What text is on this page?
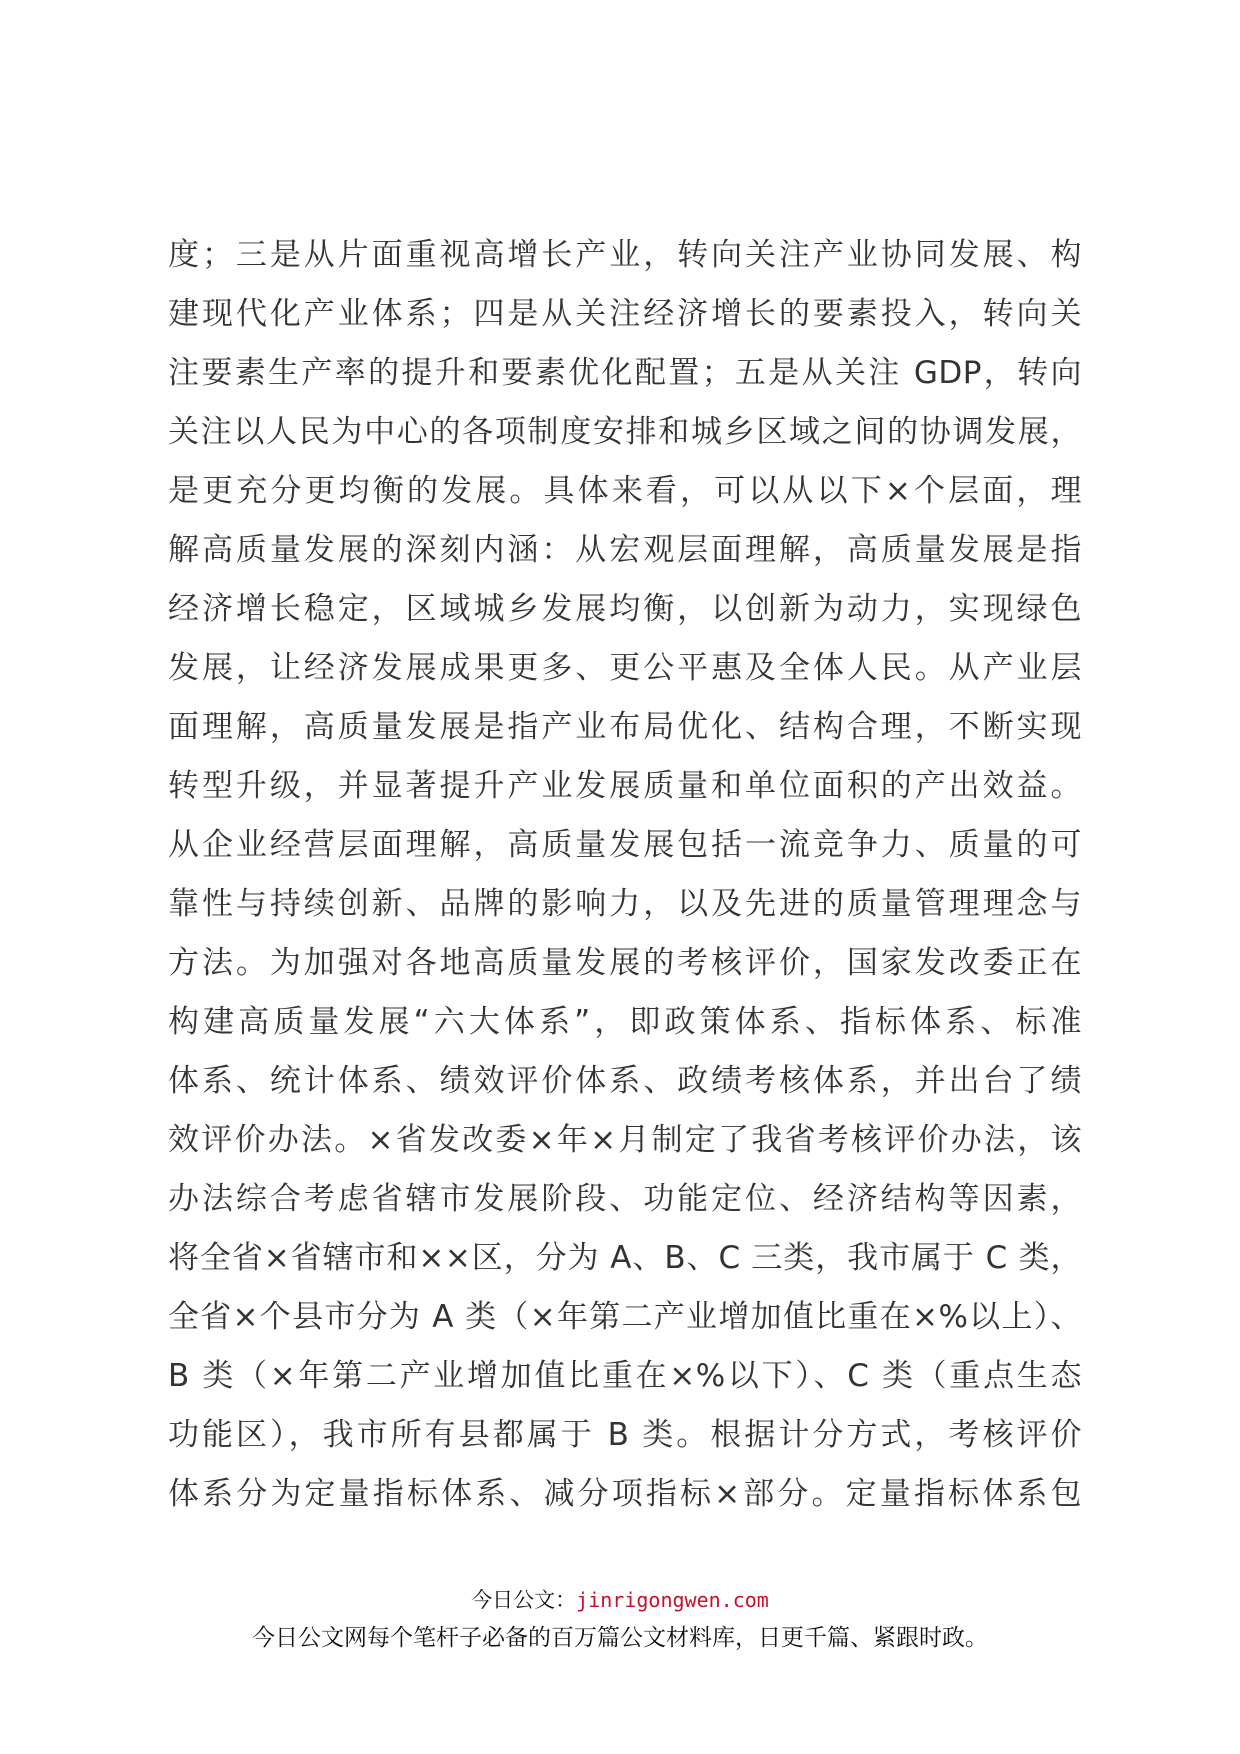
度；三是从片面重视高增长产业，转向关注产业协同发展、构
建现代化产业体系；四是从关注经济增长的要素投入，转向关
注要素生产率的提升和要素优化配置；五是从关注 GDP，转向
关注以人民为中心的各项制度安排和城乡区域之间的协调发展，
是更充分更均衡的发展。具体来看，可以从以下×个层面，理
解高质量发展的深刻内涵：从宏观层面理解，高质量发展是指
经济增长稳定，区域城乡发展均衡，以创新为动力，实现绿色
发展，让经济发展成果更多、更公平惠及全体人民。从产业层
面理解，高质量发展是指产业布局优化、结构合理，不断实现
转型升级，并显著提升产业发展质量和单位面积的产出效益。
从企业经营层面理解，高质量发展包括一流竞争力、质量的可
靠性与持续创新、品牌的影响力，以及先进的质量管理理念与
方法。为加强对各地高质量发展的考核评价，国家发改委正在
构建高质量发展“六大体系”，即政策体系、指标体系、标准
体系、统计体系、绩效评价体系、政绩考核体系，并出台了绩
效评价办法。×省发改委×年×月制定了我省考核评价办法，该
办法综合考虑省辖市发展阶段、功能定位、经济结构等因素，
将全省×省辖市和××区，分为 A、B、C 三类，我市属于 C 类，
全省×个县市分为 A 类（×年第二产业增加值比重在×%以上）、
B 类（×年第二产业增加值比重在×%以下）、C 类（重点生态
功能区），我市所有县都属于 B 类。根据计分方式，考核评价
体系分为定量指标体系、减分项指标×部分。定量指标体系包
今日公文：jinrigongwen.com
今日公文网每个笔杆子必备的百万篇公文材料库，日更千篇、紧跟时政。
